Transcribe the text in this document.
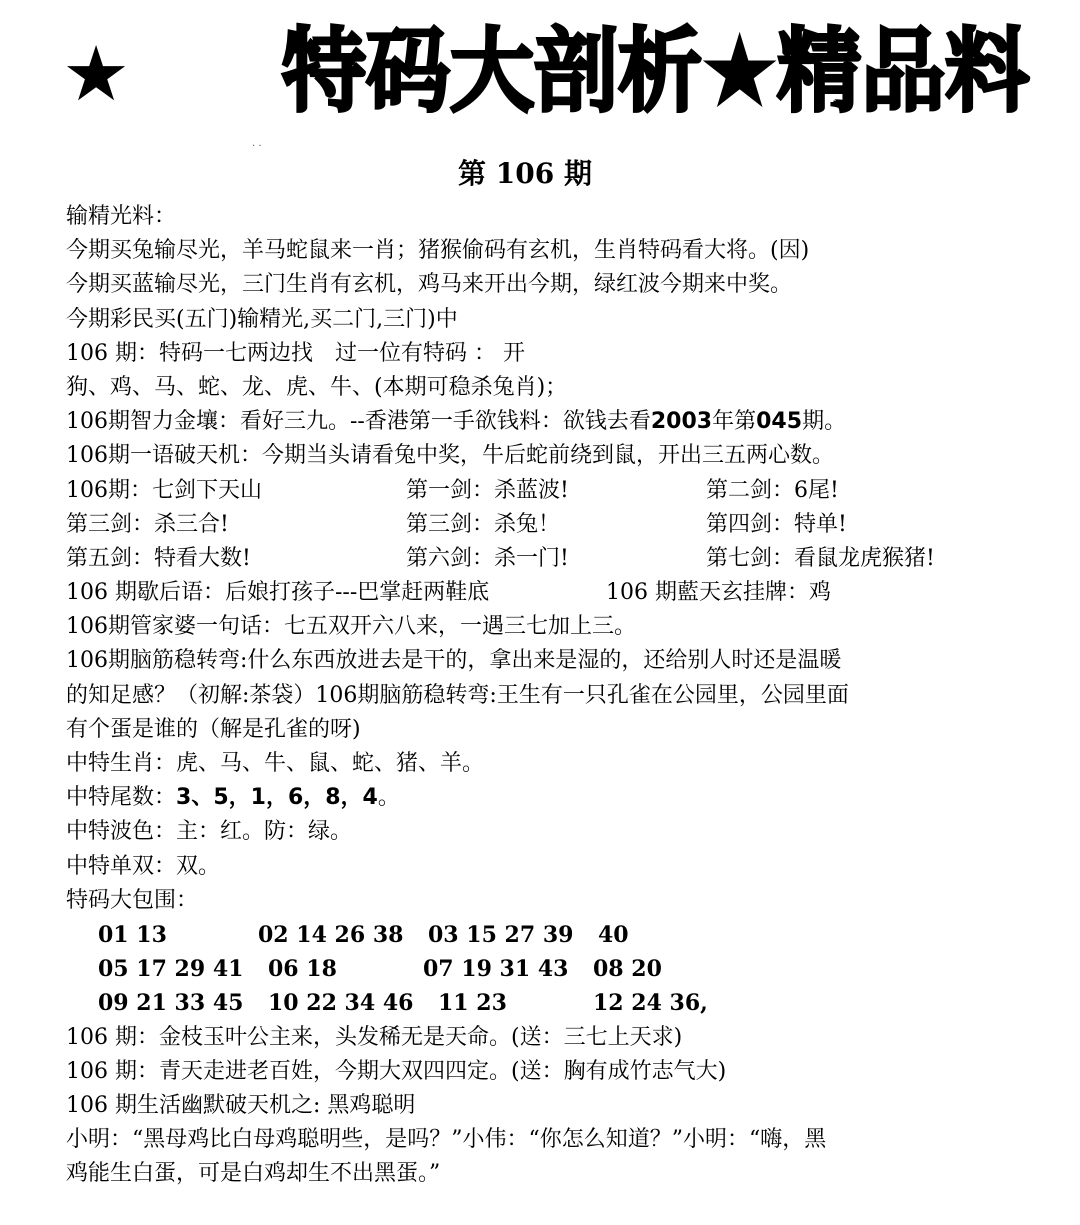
★ 特码大剖析★精品料
. .
第 106 期
输精光料：
今期买兔输尽光，羊马蛇鼠来一肖；猪猴偷码有玄机，生肖特码看大将。(因)
今期买蓝输尽光，三门生肖有玄机，鸡马来开出今期，绿红波今期来中奖。
今期彩民买(五门)输精光,买二门,三门)中
106 期：特码一七两边找　过一位有特码 ： 开
狗、鸡、马、蛇、龙、虎、牛、(本期可稳杀兔肖)；
106期智力金壤：看好三九。--香港第一手欲钱料：欲钱去看2003年第045期。
106期一语破天机：今期当头请看兔中奖，牛后蛇前绕到鼠，开出三五两心数。
106期：七剑下天山	第一剑：杀蓝波!	第二剑：6尾!
第三剑：杀三合!	第三剑：杀兔！	第四剑：特单!
第五剑：特看大数!	第六剑：杀一门!	第七剑：看鼠龙虎猴猪!
106 期歇后语：后娘打孩子---巴掌赶两鞋底	106 期藍天玄挂牌：鸡
106期管家婆一句话：七五双开六八来，一遇三七加上三。
106期脑筋稳转弯:什么东西放进去是干的，拿出来是湿的，还给别人时还是温暖
的知足感？（初解:茶袋）106期脑筋稳转弯:王生有一只孔雀在公园里，公园里面
有个蛋是谁的（解是孔雀的呀)
中特生肖：虎、马、牛、鼠、蛇、猪、羊。
中特尾数：3、5，1，6，8，4。
中特波色：主：红。防：绿。
中特单双：双。
特码大包围：
01 13	02 14 26 38	03 15 27 39	40
05 17 29 41	06 18	07 19 31 43	08 20
09 21 33 45	10 22 34 46	11 23	12 24 36,
106 期：金枝玉叶公主来，头发稀无是天命。(送：三七上天求)
106 期：青天走进老百姓，今期大双四四定。(送：胸有成竹志气大)
106 期生活幽默破天机之: 黑鸡聪明
小明：“黑母鸡比白母鸡聪明些，是吗？”小伟：“你怎么知道？”小明：“嗨，黑
鸡能生白蛋，可是白鸡却生不出黑蛋。”
